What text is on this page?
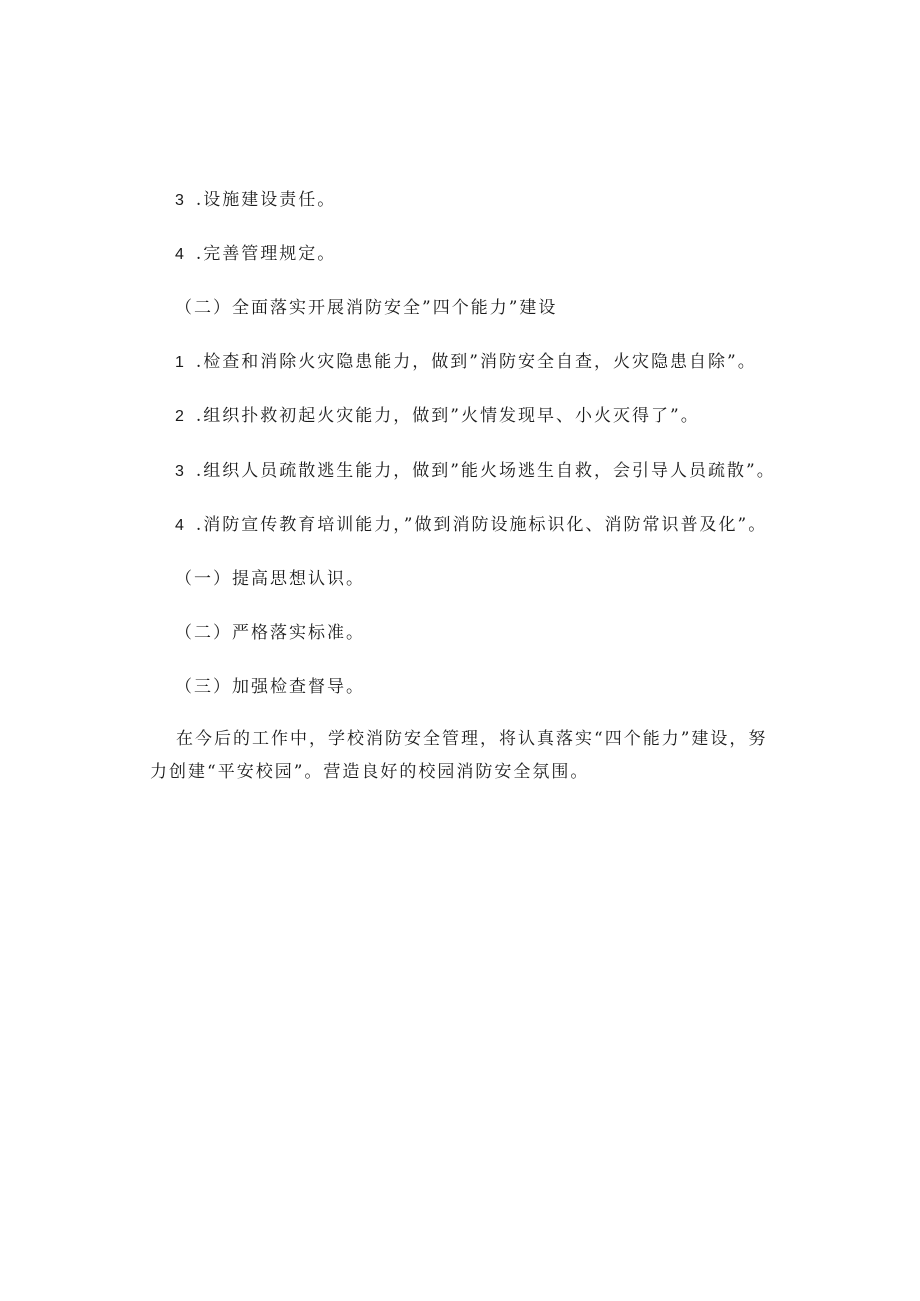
3 .设施建设责任。
4 .完善管理规定。
（二）全面落实开展消防安全”四个能力”建设
1 .检查和消除火灾隐患能力，做到”消防安全自查，火灾隐患自除”。
2 .组织扑救初起火灾能力，做到”火情发现早、小火灭得了”。
3 .组织人员疏散逃生能力，做到”能火场逃生自救，会引导人员疏散”。
4 .消防宣传教育培训能力，”做到消防设施标识化、消防常识普及化”。
（一）提高思想认识。
（二）严格落实标准。
（三）加强检查督导。
在今后的工作中，学校消防安全管理，将认真落实“四个能力”建设，努力创建“平安校园”。营造良好的校园消防安全氛围。
